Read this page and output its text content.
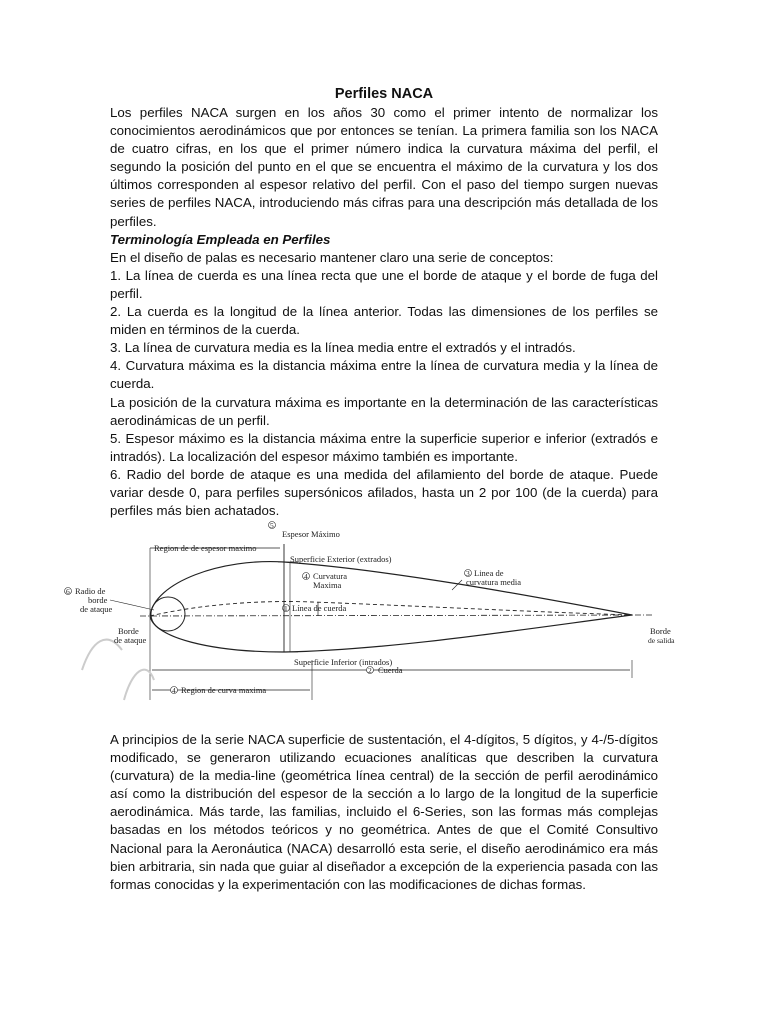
Perfiles NACA

Los perfiles NACA surgen en los años 30 como el primer intento de normalizar los conocimientos aerodinámicos que por entonces se tenían. La primera familia son los NACA de cuatro cifras, en los que el primer número indica la curvatura máxima del perfil, el segundo la posición del punto en el que se encuentra el máximo de la curvatura y los dos últimos corresponden al espesor relativo del perfil. Con el paso del tiempo surgen nuevas series de perfiles NACA, introduciendo más cifras para una descripción más detallada de los perfiles.

Terminología Empleada en Perfiles

En el diseño de palas es necesario mantener claro una serie de conceptos:

1. La línea de cuerda es una línea recta que une el borde de ataque y el borde de fuga del perfil.

2. La cuerda es la longitud de la línea anterior. Todas las dimensiones de los perfiles se miden en términos de la cuerda.

3. La línea de curvatura media es la línea media entre el extradós y el intradós.

4. Curvatura máxima es la distancia máxima entre la línea de curvatura media y la línea de cuerda.

La posición de la curvatura máxima es importante en la determinación de las características aerodinámicas de un perfil.

5. Espesor máximo es la distancia máxima entre la superficie superior e inferior (extradós e intradós). La localización del espesor máximo también es importante.

6. Radio del borde de ataque es una medida del afilamiento del borde de ataque. Puede variar desde 0, para perfiles supersónicos afilados, hasta un 2 por 100 (de la cuerda) para perfiles más bien achatados.

5
Espesor Máximo
Region de de espesor maximo
Superficie Exterior (extrados)
4 Curvatura
Maxima
3 Linea de
curvatura media
6 Radio de
borde
de ataque	1 Línea de cuerda
Borde
de ataque
Borde
de salida
Superficie Inferior (intrados)
2 Cuerda
4 Region de curva maxima

A principios de la serie NACA superficie de sustentación, el 4-dígitos, 5 dígitos, y 4-/5-dígitos modificado, se generaron utilizando ecuaciones analíticas que describen la curvatura (curvatura) de la media-line (geométrica línea central) de la sección de perfil aerodinámico así como la distribución del espesor de la sección a lo largo de la longitud de la superficie aerodinámica. Más tarde, las familias, incluido el 6-Series, son las formas más complejas basadas en los métodos teóricos y no geométrica. Antes de que el Comité Consultivo Nacional para la Aeronáutica (NACA) desarrolló esta serie, el diseño aerodinámico era más bien arbitraria, sin nada que guiar al diseñador a excepción de la experiencia pasada con las formas conocidas y la experimentación con las modificaciones de dichas formas.
